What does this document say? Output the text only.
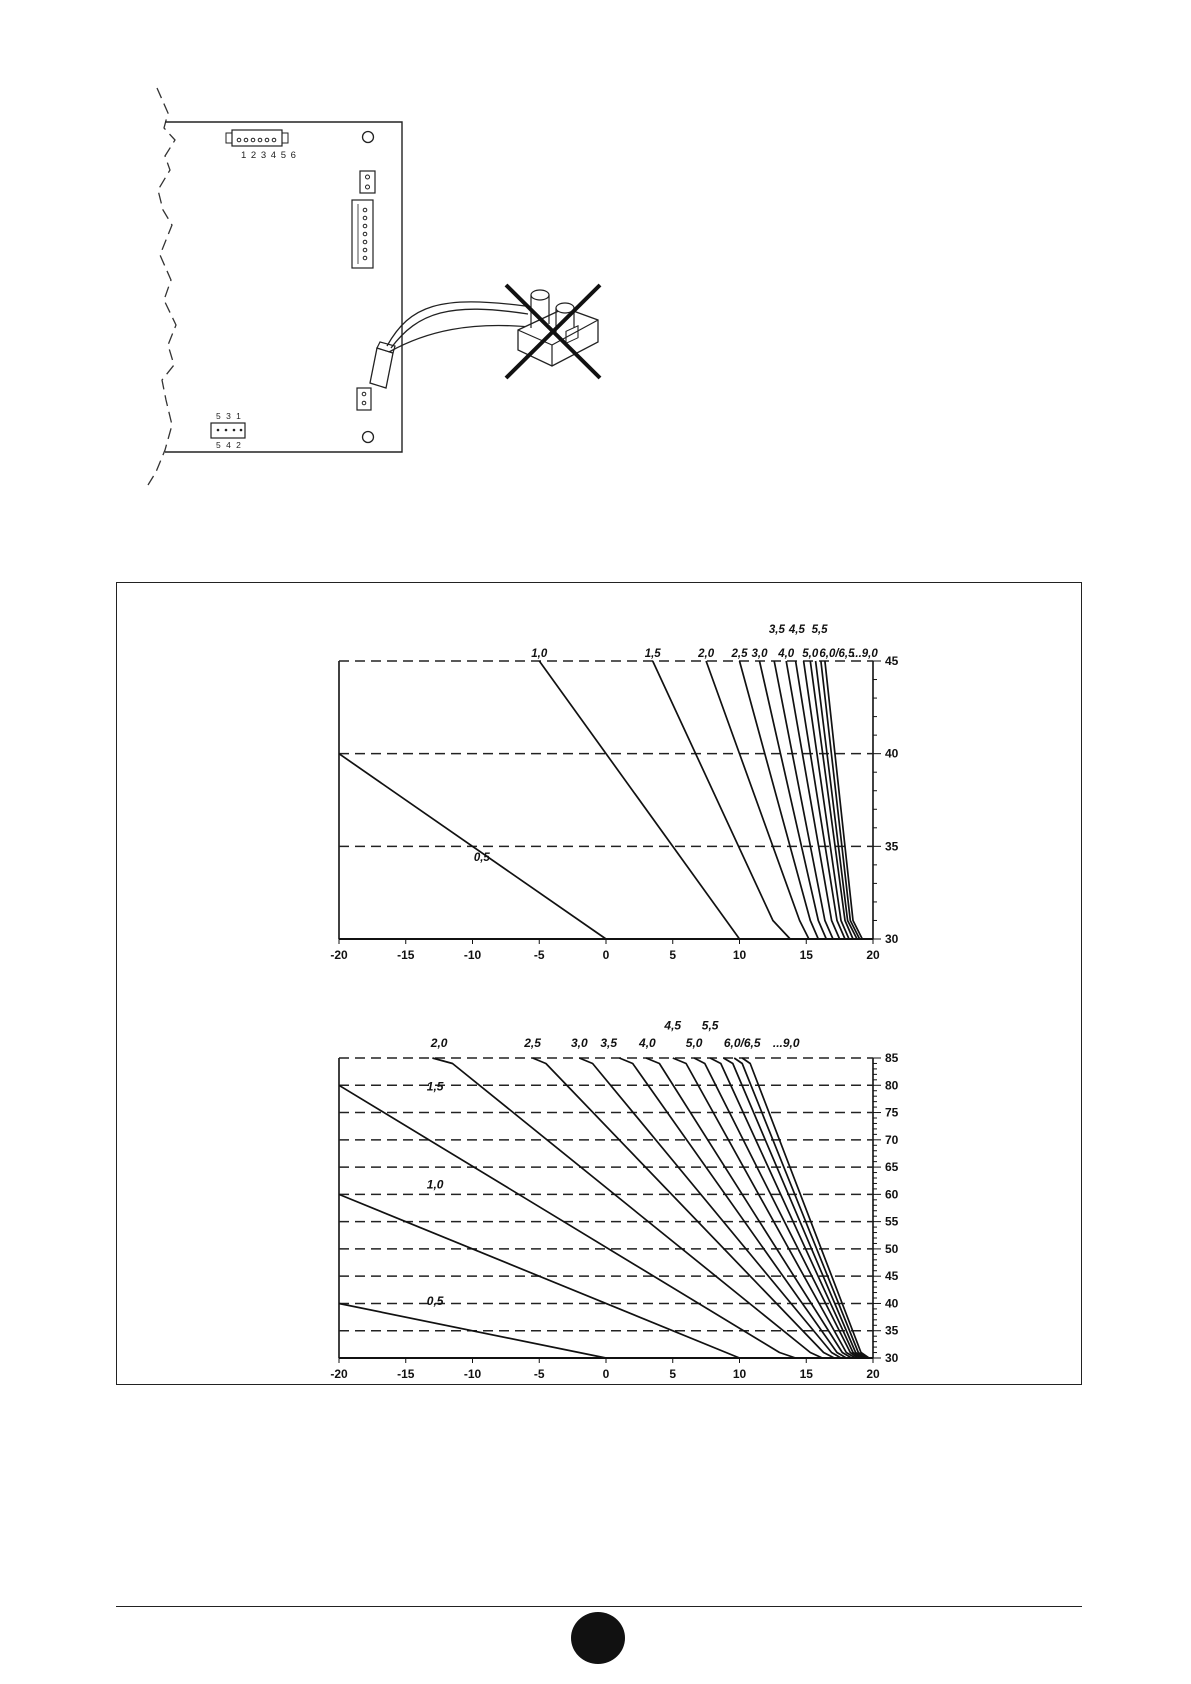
1 2 3 4 5 6
5 3 1
5 4 2
-20	-15	-10	-5	0	5	10	15	20
30
35
40
45
1,0	1,5	2,0 2,5 3,0 4,0 5,0 6,0/6,5
...9,0
3,5 4,5 5,5
0,5
-20	-15	-10	-5	0	5	10	15	20
30
35
40
45
50
55
60
65
70
75
80
85
2,0	2,5	3,0 3,5 4,0	5,0 6,0/6,5 ...9,0
4,5 5,5
1,5
1,0
0,5
